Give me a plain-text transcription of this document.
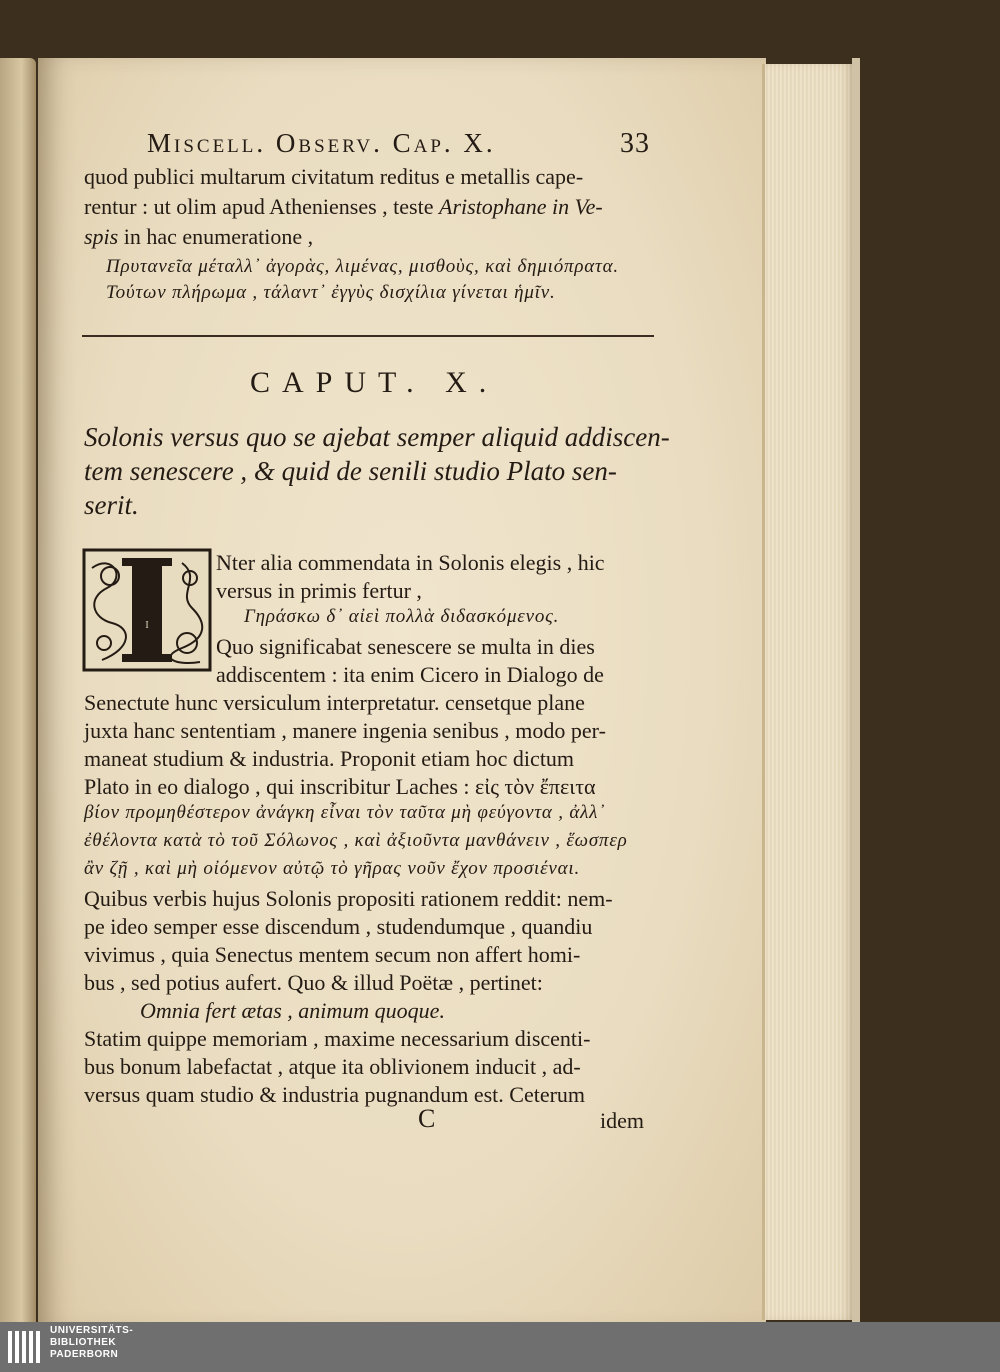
Miscell. Observ. Cap. X.	33

quod publici multarum civitatum reditus e metallis cape-

rentur : ut olim apud Athenienses , teste Aristophane in Ve-

spis in hac enumeratione ,

Πρυτανεῖα μέταλλ᾽ ἀγορὰς, λιμένας, μισθοὺς, καὶ δημιόπρατα.

Τούτων πλήρωμα , τάλαντ᾽ ἐγγὺς δισχίλια γίνεται ἡμῖν.

CAPUT. X.

Solonis versus quo se ajebat semper aliquid addiscen-

tem senescere , & quid de senili studio Plato sen-

serit.

I

Nter alia commendata in Solonis elegis , hic

versus in primis fertur ,

Γηράσκω δ᾽ αἰεὶ πολλὰ διδασκόμενος.

Quo significabat senescere se multa in dies

addiscentem : ita enim Cicero in Dialogo de

Senectute hunc versiculum interpretatur. censetque plane

juxta hanc sententiam , manere ingenia senibus , modo per-

maneat studium & industria. Proponit etiam hoc dictum

Plato in eo dialogo , qui inscribitur Laches : εἰς τὸν ἔπειτα

βίον προμηθέστερον ἀνάγκη εἶναι τὸν ταῦτα μὴ φεύγοντα , ἀλλ᾽

ἐθέλοντα κατὰ τὸ τοῦ Σόλωνος , καὶ ἀξιοῦντα μανθάνειν , ἕωσπερ

ἂν ζῇ , καὶ μὴ οἰόμενον αὐτῷ τὸ γῆρας νοῦν ἔχον προσιέναι.

Quibus verbis hujus Solonis propositi rationem reddit: nem-

pe ideo semper esse discendum , studendumque , quandiu

vivimus , quia Senectus mentem secum non affert homi-

bus , sed potius aufert. Quo & illud Poëtæ , pertinet:

Omnia fert ætas , animum quoque.

Statim quippe memoriam , maxime necessarium discenti-

bus bonum labefactat , atque ita oblivionem inducit , ad-

versus quam studio & industria pugnandum est. Ceterum

C	idem

UNIVERSITÄTS-
BIBLIOTHEK
PADERBORN
